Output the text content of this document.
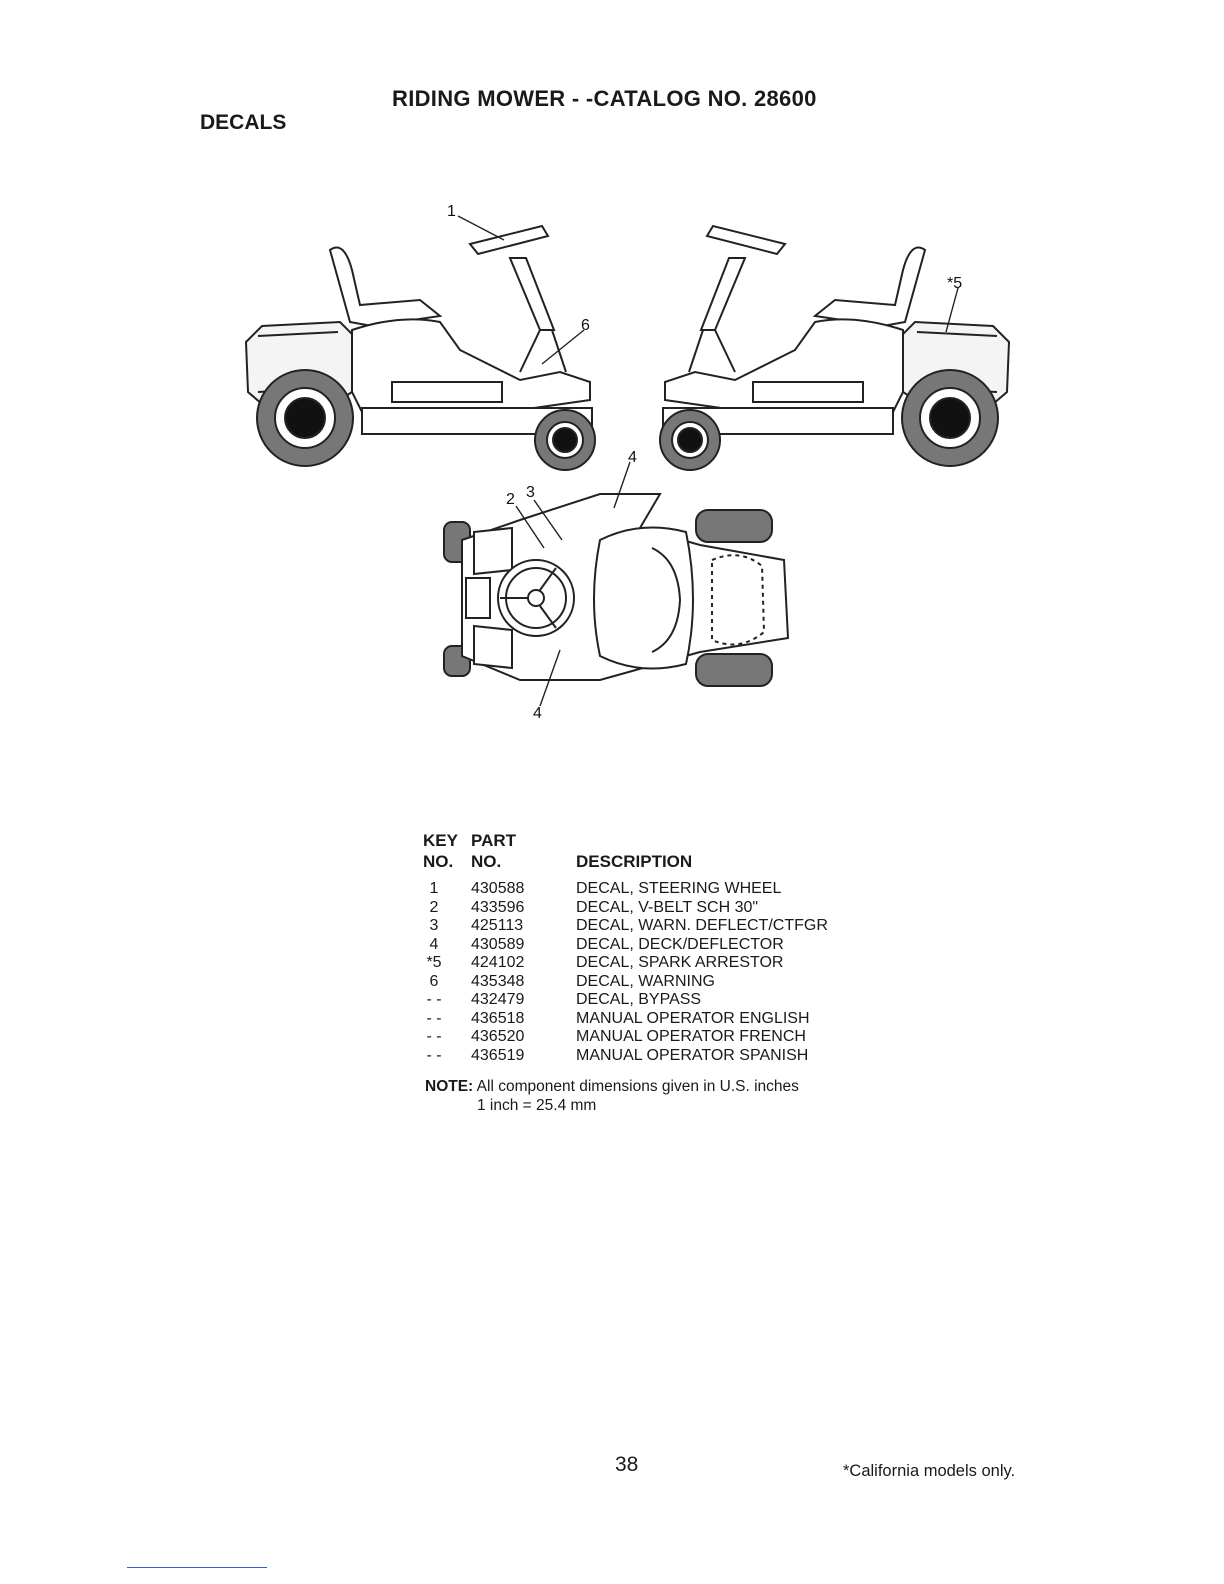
RIDING MOWER - -CATALOG NO. 28600
DECALS
1
*5
6
4
2 3
4
KEY PART
NO. NO.	DESCRIPTION
1	430588	DECAL, STEERING WHEEL
2	433596	DECAL, V-BELT SCH 30"
3	425113	DECAL, WARN. DEFLECT/CTFGR
4	430589	DECAL, DECK/DEFLECTOR
*5 424102	DECAL, SPARK ARRESTOR
6	435348	DECAL, WARNING
- - 432479	DECAL, BYPASS
- - 436518	MANUAL OPERATOR ENGLISH
- - 436520	MANUAL OPERATOR FRENCH
- - 436519	MANUAL OPERATOR SPANISH
NOTE: All component dimensions given in U.S. inches
1 inch = 25.4 mm
38	*California models only.
